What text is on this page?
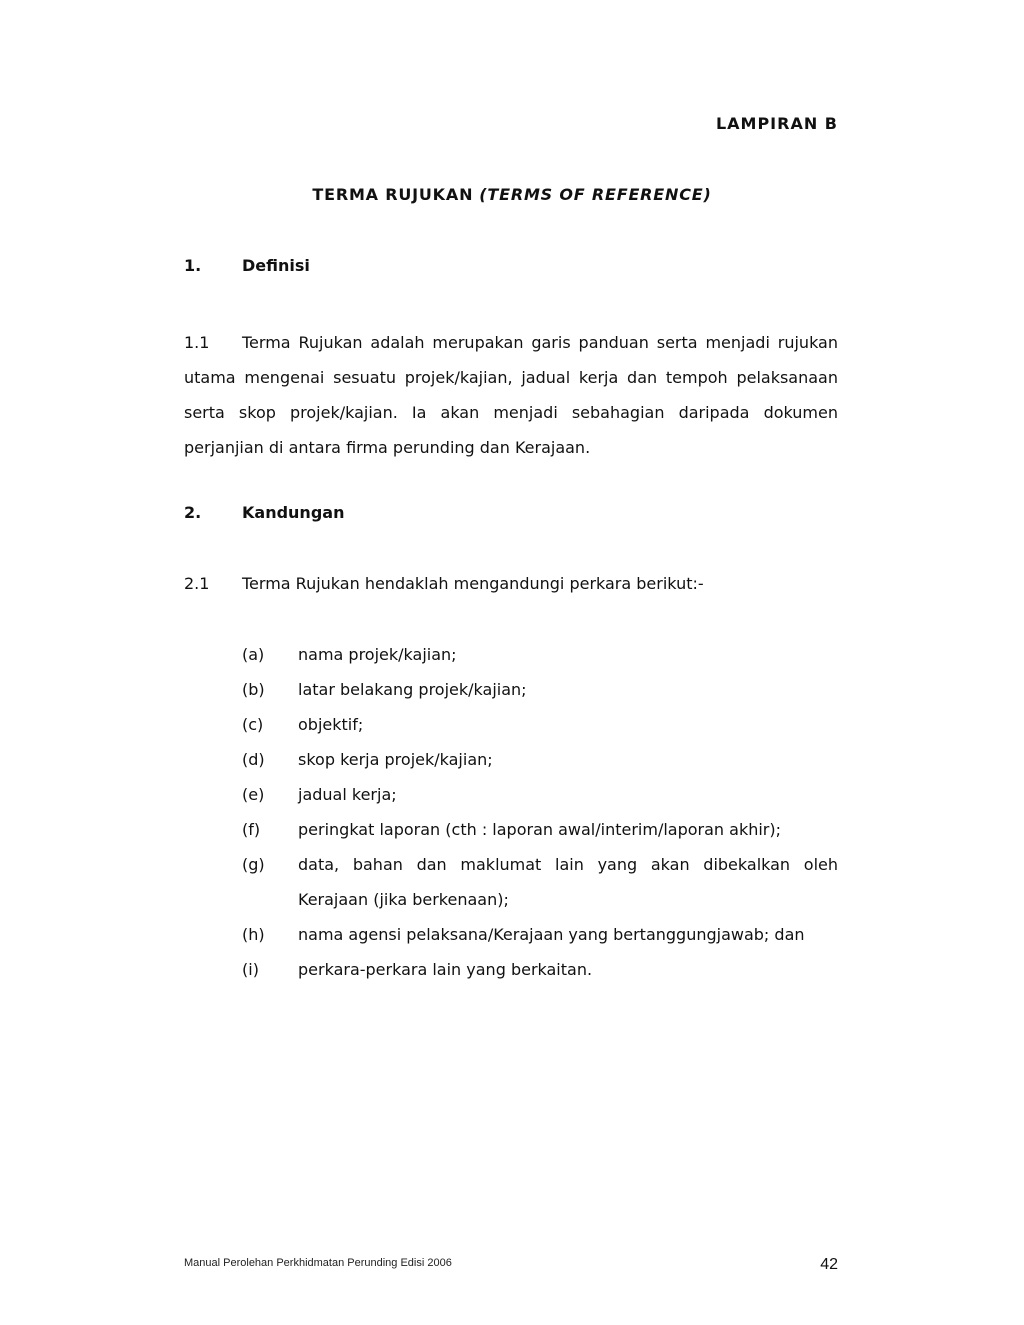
LAMPIRAN B
TERMA RUJUKAN (TERMS OF REFERENCE)
1.	Definisi
1.1 Terma Rujukan adalah merupakan garis panduan serta menjadi rujukan utama mengenai sesuatu projek/kajian, jadual kerja dan tempoh pelaksanaan serta skop projek/kajian. Ia akan menjadi sebahagian daripada dokumen perjanjian di antara firma perunding dan Kerajaan.
2.	Kandungan
2.1 Terma Rujukan hendaklah mengandungi perkara berikut:-
(a) nama projek/kajian;
(b) latar belakang projek/kajian;
(c) objektif;
(d) skop kerja projek/kajian;
(e) jadual kerja;
(f) peringkat laporan (cth : laporan awal/interim/laporan akhir);
(g) data, bahan dan maklumat lain yang akan dibekalkan oleh Kerajaan (jika berkenaan);
(h) nama agensi pelaksana/Kerajaan yang bertanggungjawab; dan
(i) perkara-perkara lain yang berkaitan.
Manual Perolehan Perkhidmatan Perunding Edisi 2006	42
